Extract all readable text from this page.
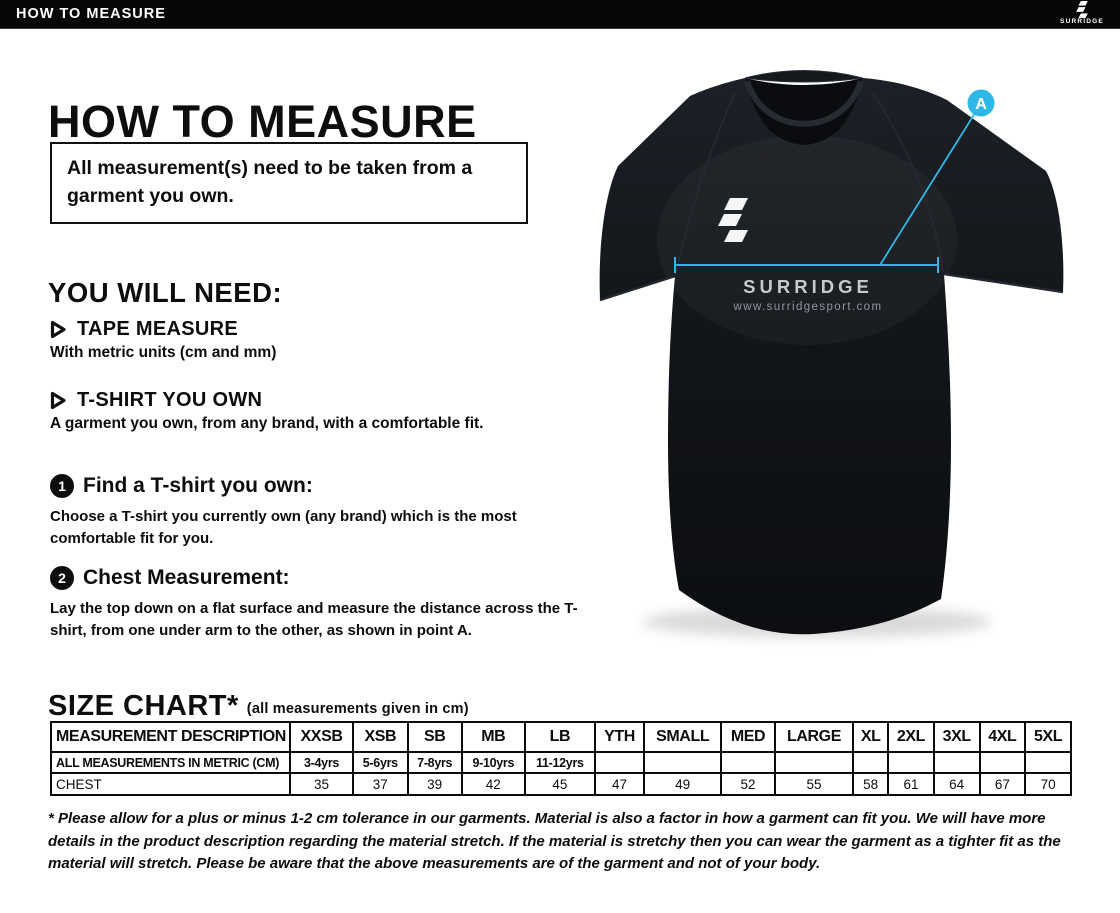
HOW TO MEASURE	SURRIDGE
HOW TO MEASURE

All measurement(s) need to be taken from a garment you own.

YOU WILL NEED:
TAPE MEASURE

With metric units (cm and mm)

T-SHIRT YOU OWN

A garment you own, from any brand, with a comfortable fit.

1 Find a T-shirt you own:

Choose a T-shirt you currently own (any brand) which is the most comfortable fit for you.

2 Chest Measurement:

Lay the top down on a flat surface and measure the distance across the T-shirt, from one under arm to the other, as shown in point A.

SIZE CHART* (all measurements given in cm)
MEASUREMENT DESCRIPTION	XXSB	XSB	SB	MB	LB	YTH	SMALL	MED	LARGE	XL	2XL	3XL	4XL	5XL
ALL MEASUREMENTS IN METRIC (CM)	3-4yrs	5-6yrs	7-8yrs	9-10yrs	11-12yrs									
CHEST	35	37	39	42	45	47	49	52	55	58	61	64	67	70

* Please allow for a plus or minus 1-2 cm tolerance in our garments. Material is also a factor in how a garment can fit you. We will have more details in the product description regarding the material stretch. If the material is stretchy then you can wear the garment as a tighter fit as the material will stretch. Please be aware that the above measurements are of the garment and not of your body.

SURRIDGE
www.surridgesport.com
A
